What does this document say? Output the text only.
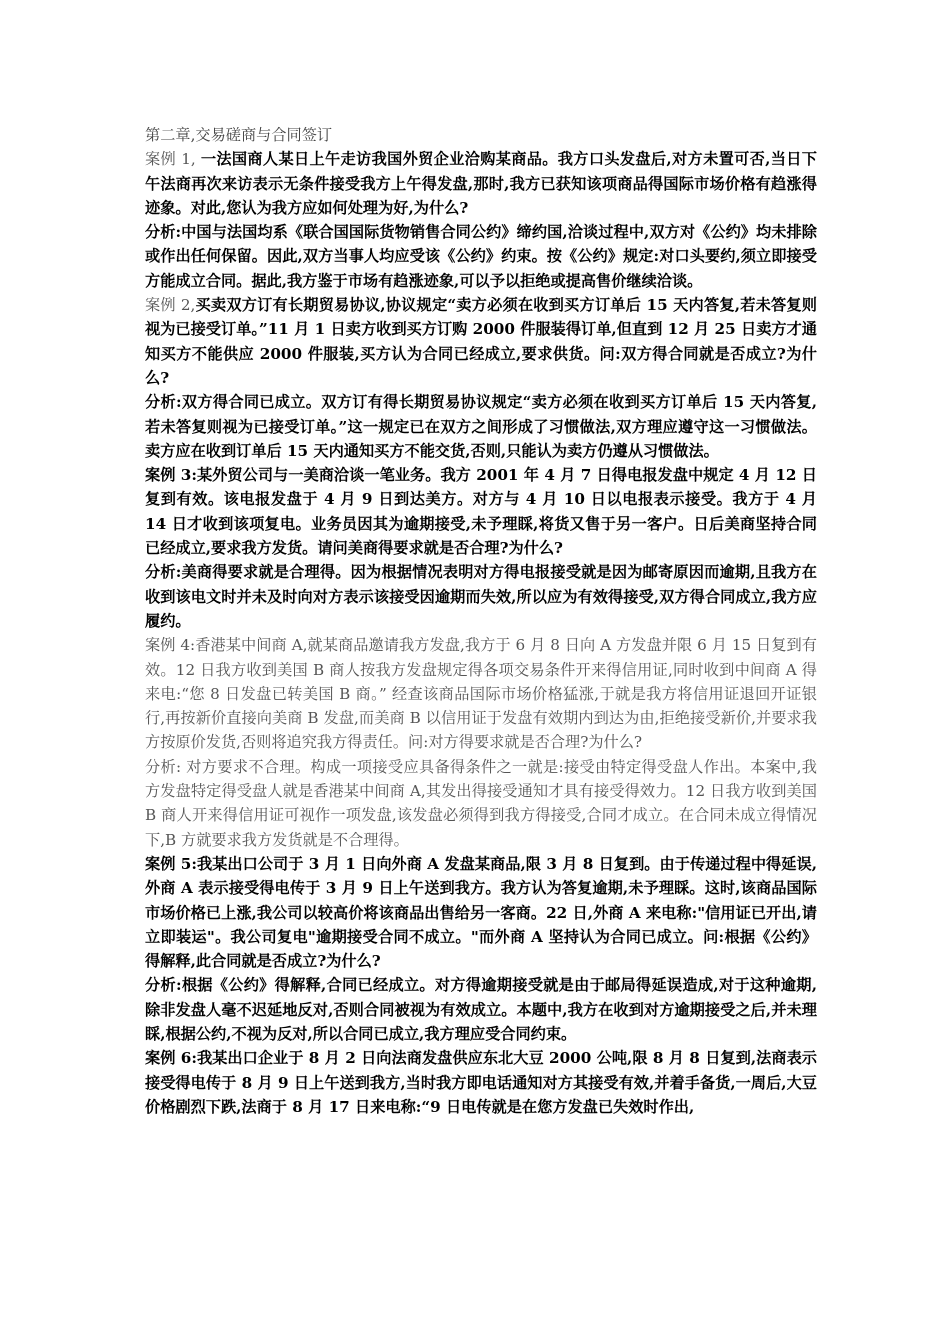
第二章,交易磋商与合同签订

案例 1, 一法国商人某日上午走访我国外贸企业洽购某商品。我方口头发盘后,对方未置可否,当日下午法商再次来访表示无条件接受我方上午得发盘,那时,我方已获知该项商品得国际市场价格有趋涨得迹象。对此,您认为我方应如何处理为好,为什么?

分析:中国与法国均系《联合国国际货物销售合同公约》缔约国,洽谈过程中,双方对《公约》均未排除或作出任何保留。因此,双方当事人均应受该《公约》约束。按《公约》规定:对口头要约,须立即接受方能成立合同。据此,我方鉴于市场有趋涨迹象,可以予以拒绝或提高售价继续洽谈。

案例 2,买卖双方订有长期贸易协议,协议规定“卖方必须在收到买方订单后 15 天内答复,若未答复则视为已接受订单。”11 月 1 日卖方收到买方订购 2000 件服装得订单,但直到 12 月 25 日卖方才通知买方不能供应 2000 件服装,买方认为合同已经成立,要求供货。问:双方得合同就是否成立?为什么?

分析:双方得合同已成立。双方订有得长期贸易协议规定“卖方必须在收到买方订单后 15 天内答复,若未答复则视为已接受订单。”这一规定已在双方之间形成了习惯做法,双方理应遵守这一习惯做法。卖方应在收到订单后 15 天内通知买方不能交货,否则,只能认为卖方仍遵从习惯做法。

案例 3:某外贸公司与一美商洽谈一笔业务。我方 2001 年 4 月 7 日得电报发盘中规定 4 月 12 日复到有效。该电报发盘于 4 月 9 日到达美方。对方与 4 月 10 日以电报表示接受。我方于 4 月 14 日才收到该项复电。业务员因其为逾期接受,未予理睬,将货又售于另一客户。日后美商坚持合同已经成立,要求我方发货。请问美商得要求就是否合理?为什么?

分析:美商得要求就是合理得。因为根据情况表明对方得电报接受就是因为邮寄原因而逾期,且我方在收到该电文时并未及时向对方表示该接受因逾期而失效,所以应为有效得接受,双方得合同成立,我方应履约。

案例 4:香港某中间商 A,就某商品邀请我方发盘,我方于 6 月 8 日向 A 方发盘并限 6 月 15 日复到有效。12 日我方收到美国 B 商人按我方发盘规定得各项交易条件开来得信用证,同时收到中间商 A 得来电:“您 8 日发盘已转美国 B 商。” 经查该商品国际市场价格猛涨,于就是我方将信用证退回开证银行,再按新价直接向美商 B 发盘,而美商 B 以信用证于发盘有效期内到达为由,拒绝接受新价,并要求我方按原价发货,否则将追究我方得责任。问:对方得要求就是否合理?为什么?

分析: 对方要求不合理。构成一项接受应具备得条件之一就是:接受由特定得受盘人作出。本案中,我方发盘特定得受盘人就是香港某中间商 A,其发出得接受通知才具有接受得效力。12 日我方收到美国 B 商人开来得信用证可视作一项发盘,该发盘必须得到我方得接受,合同才成立。在合同未成立得情况下,B 方就要求我方发货就是不合理得。

案例 5:我某出口公司于 3 月 1 日向外商 A 发盘某商品,限 3 月 8 日复到。由于传递过程中得延误,外商 A 表示接受得电传于 3 月 9 日上午送到我方。我方认为答复逾期,未予理睬。这时,该商品国际市场价格已上涨,我公司以较高价将该商品出售给另一客商。22 日,外商 A 来电称:"信用证已开出,请立即装运"。我公司复电"逾期接受合同不成立。"而外商 A 坚持认为合同已成立。问:根据《公约》得解释,此合同就是否成立?为什么?

分析:根据《公约》得解释,合同已经成立。对方得逾期接受就是由于邮局得延误造成,对于这种逾期,除非发盘人毫不迟延地反对,否则合同被视为有效成立。本题中,我方在收到对方逾期接受之后,并未理睬,根据公约,不视为反对,所以合同已成立,我方理应受合同约束。

案例 6:我某出口企业于 8 月 2 日向法商发盘供应东北大豆 2000 公吨,限 8 月 8 日复到,法商表示接受得电传于 8 月 9 日上午送到我方,当时我方即电话通知对方其接受有效,并着手备货,一周后,大豆价格剧烈下跌,法商于 8 月 17 日来电称:“9 日电传就是在您方发盘已失效时作出,
